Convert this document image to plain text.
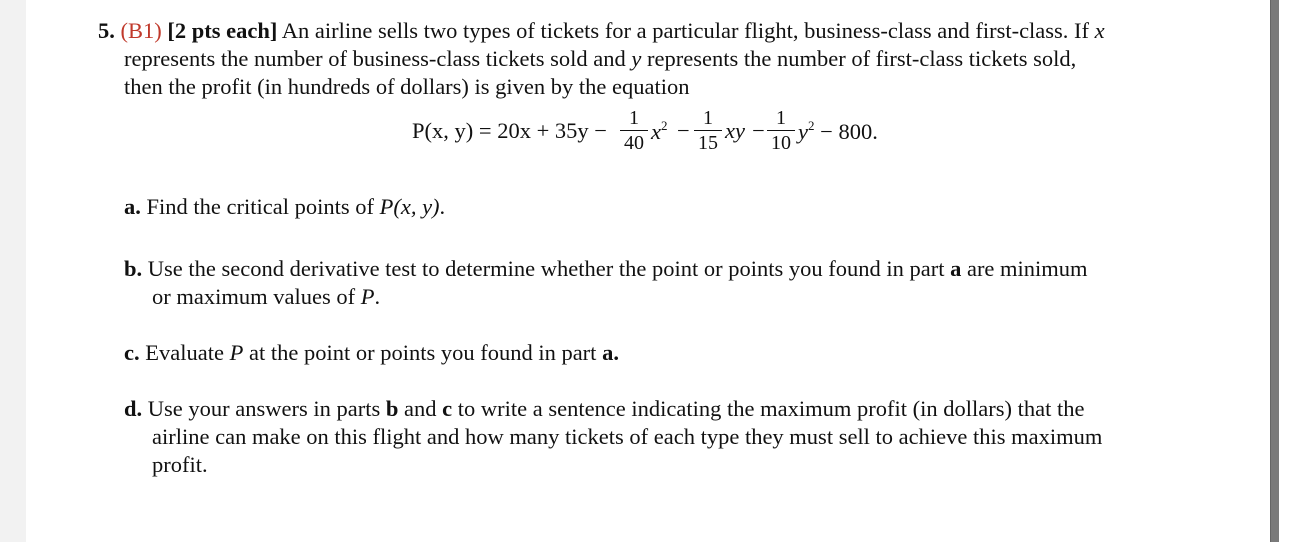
5. (B1) [2 pts each] An airline sells two types of tickets for a particular flight, business-class and first-class. If x
represents the number of business-class tickets sold and y represents the number of first-class tickets sold,
then the profit (in hundreds of dollars) is given by the equation
P(x, y) = 20x + 35y −	1
40 $x^2 - 1$
15 xy − 1
10 $y^2 - 800$.
a. Find the critical points of P(x, y).
b. Use the second derivative test to determine whether the point or points you found in part a are minimum
or maximum values of P.
c. Evaluate P at the point or points you found in part a.
d. Use your answers in parts b and c to write a sentence indicating the maximum profit (in dollars) that the
airline can make on this flight and how many tickets of each type they must sell to achieve this maximum
profit.
